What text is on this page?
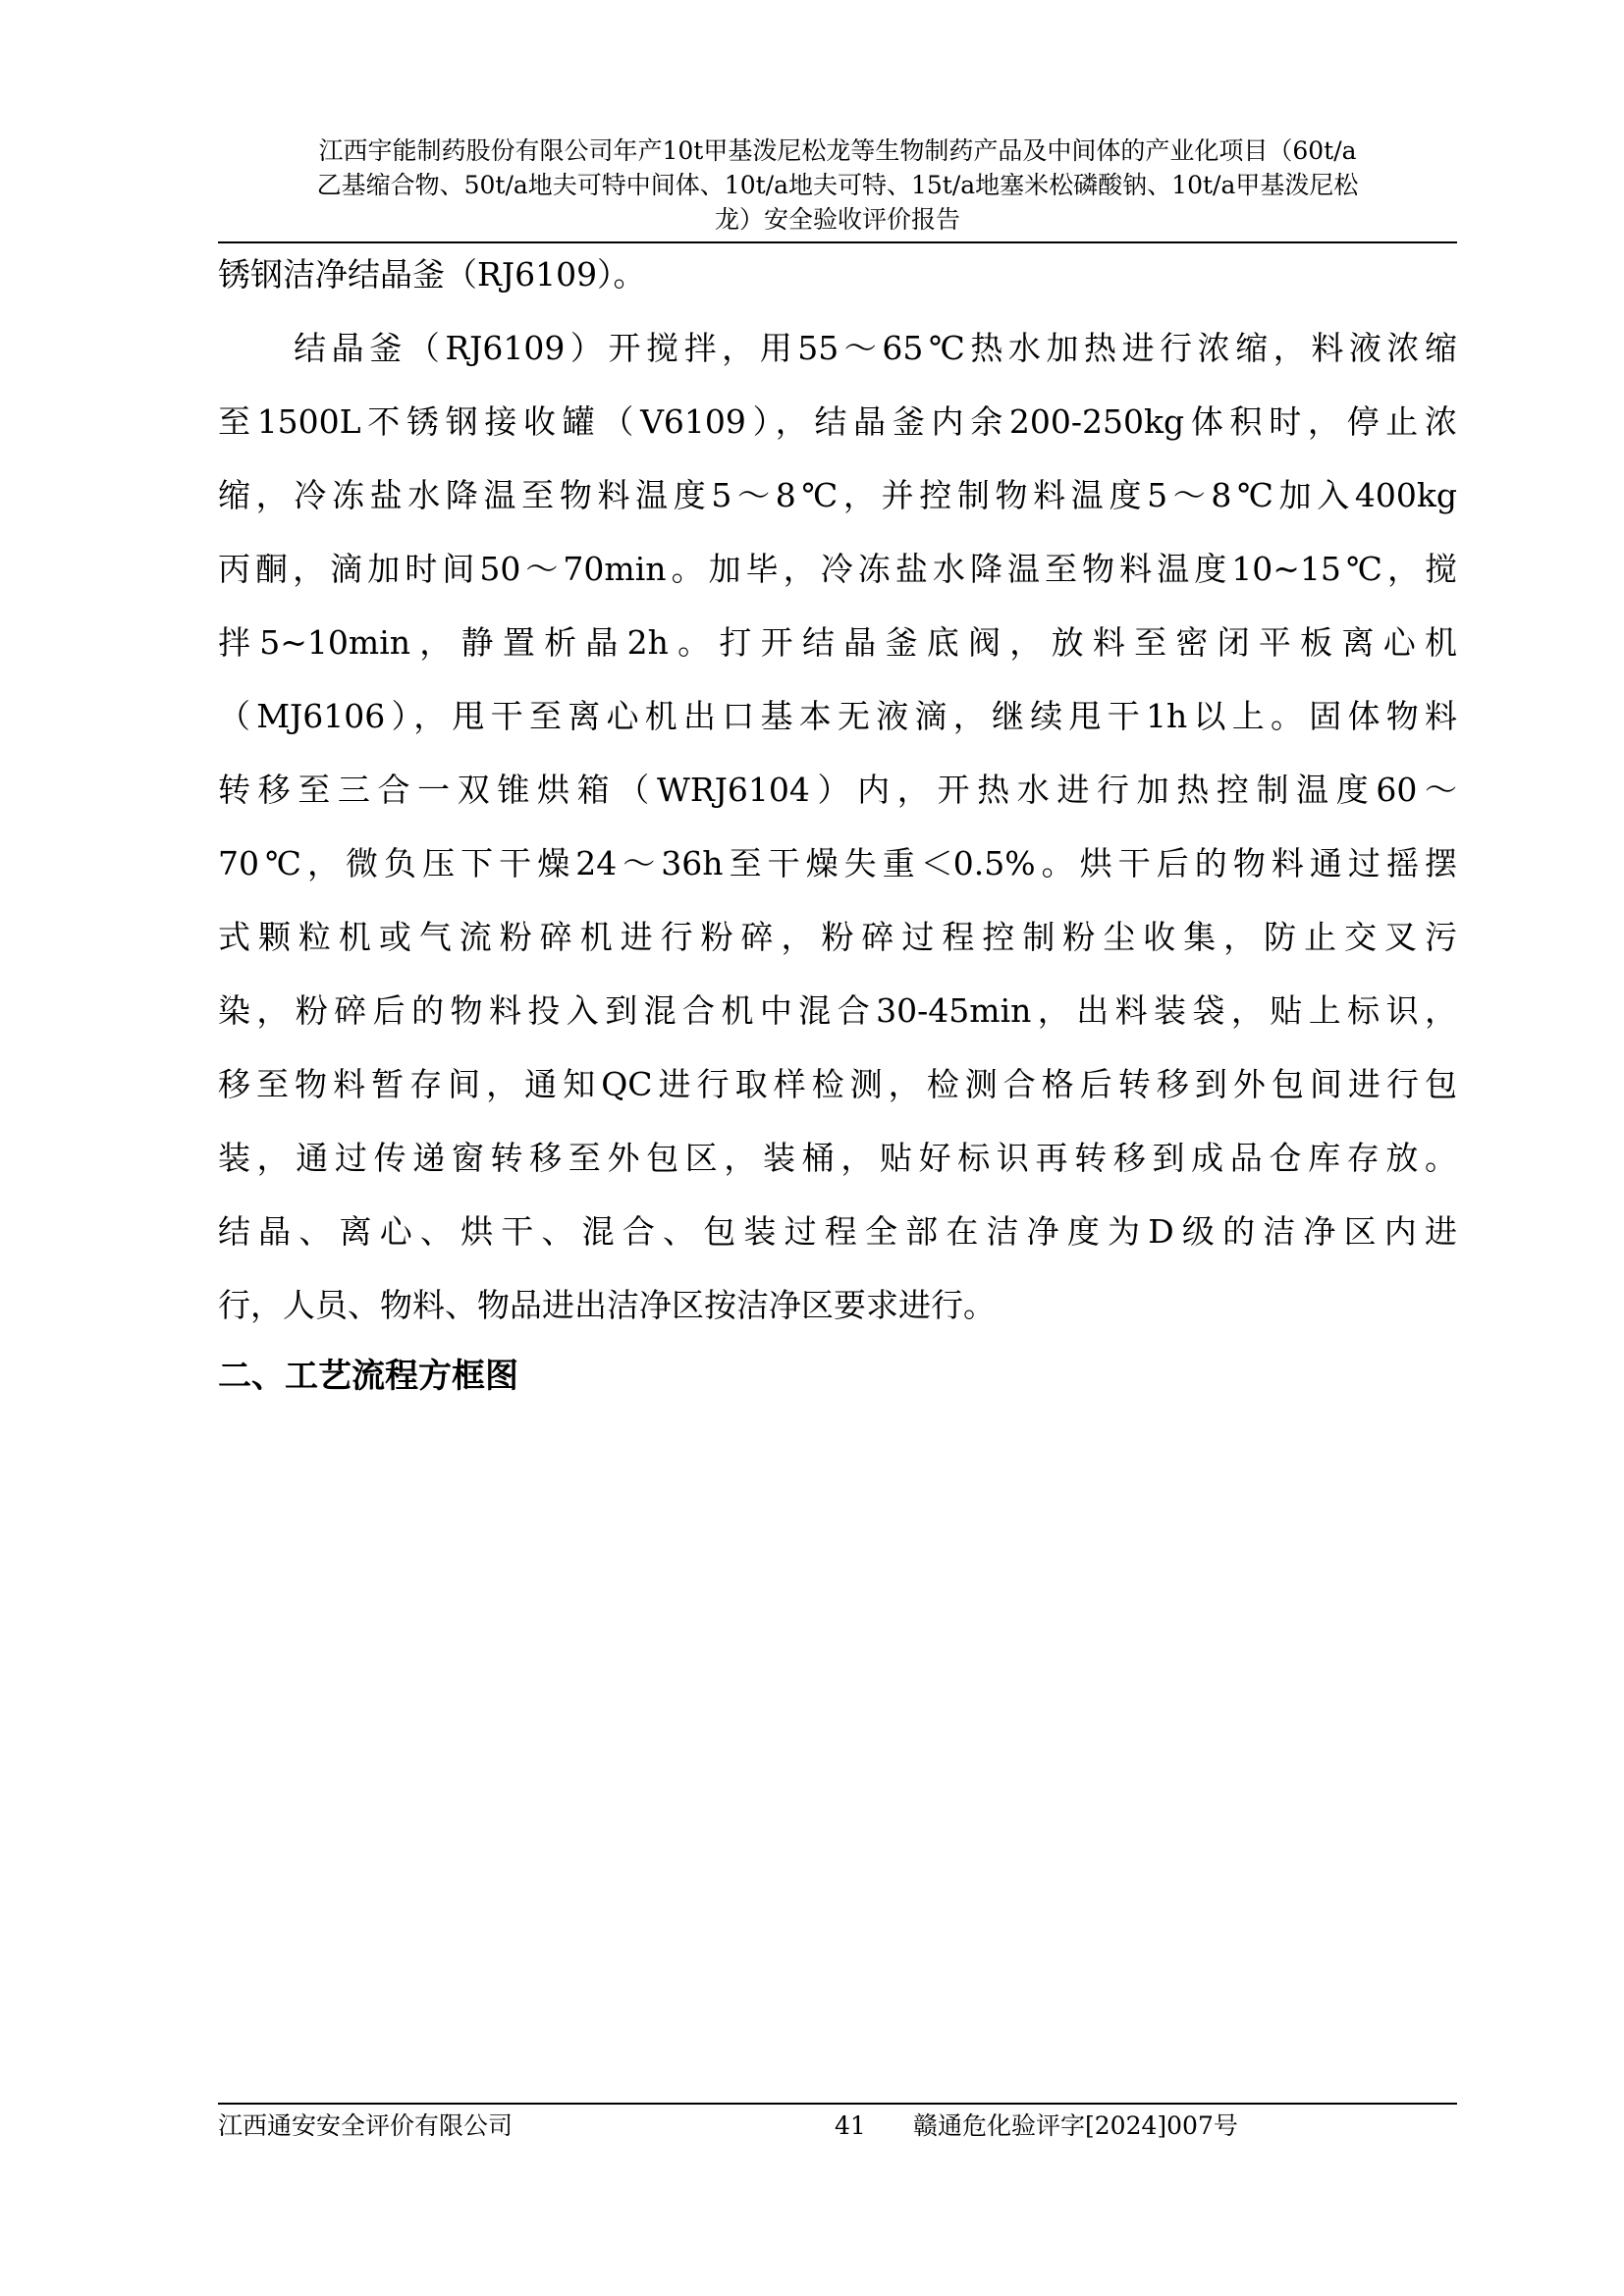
江西宇能制药股份有限公司年产10t甲基泼尼松龙等生物制药产品及中间体的产业化项目（60t/a
乙基缩合物、50t/a地夫可特中间体、10t/a地夫可特、15t/a地塞米松磷酸钠、10t/a甲基泼尼松
龙）安全验收评价报告
锈钢洁净结晶釜（RJ6109）。
　　结晶釜（RJ6109）开搅拌，用55～65℃热水加热进行浓缩，料液浓缩
至1500L不锈钢接收罐（V6109），结晶釜内余200-250kg体积时，停止浓
缩，冷冻盐水降温至物料温度5～8℃，并控制物料温度5～8℃加入400kg
丙酮，滴加时间50～70min。加毕，冷冻盐水降温至物料温度10~15℃，搅
拌5~10min，静置析晶2h。打开结晶釜底阀，放料至密闭平板离心机
（MJ6106），甩干至离心机出口基本无液滴，继续甩干1h以上。固体物料
转移至三合一双锥烘箱（WRJ6104）内，开热水进行加热控制温度60～
70℃，微负压下干燥24～36h至干燥失重＜0.5%。烘干后的物料通过摇摆
式颗粒机或气流粉碎机进行粉碎，粉碎过程控制粉尘收集，防止交叉污
染，粉碎后的物料投入到混合机中混合30-45min，出料装袋，贴上标识，
移至物料暂存间，通知QC进行取样检测，检测合格后转移到外包间进行包
装，通过传递窗转移至外包区，装桶，贴好标识再转移到成品仓库存放。
结晶、离心、烘干、混合、包装过程全部在洁净度为D级的洁净区内进
行，人员、物料、物品进出洁净区按洁净区要求进行。
二、工艺流程方框图
江西通安安全评价有限公司	41 赣通危化验评字[2024]007号
